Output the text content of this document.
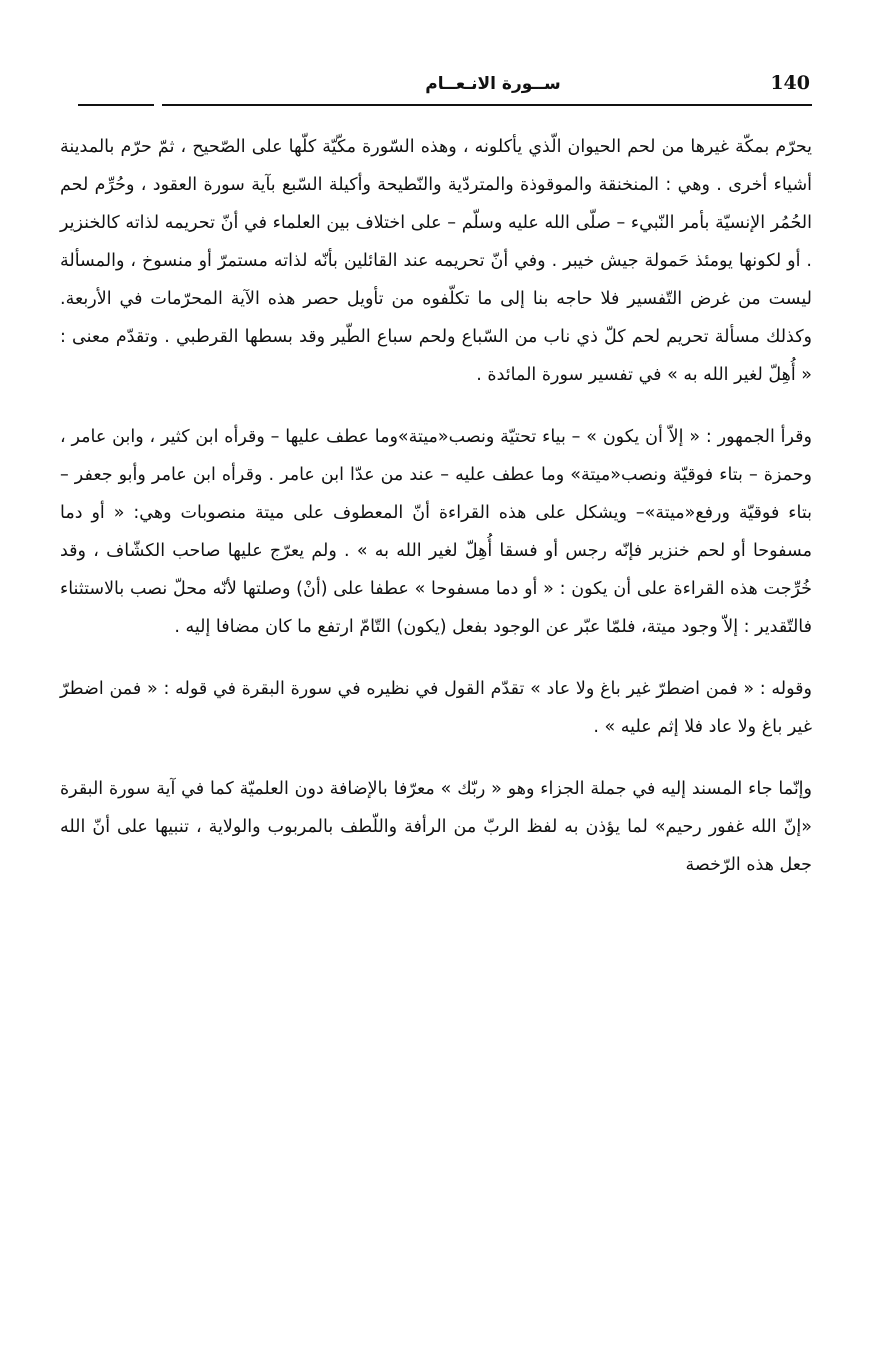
140
ســورة الانـعــام

يحرّم بمكّة غيرها من لحم الحيوان الّذي يأكلونه ، وهذه السّورة مكّيّة كلّها على الصّحيح ، ثمّ حرّم بالمدينة أشياء أخرى . وهي : المنخنقة والموقوذة والمتردّية والنّطيحة وأكيلة السّبع بآية سورة العقود ، وحُرِّم لحم الحُمُر الإنسيّة بأمر النّبيء – صلّى الله عليه وسلّم – على اختلاف بين العلماء في أنّ تحريمه لذاته كالخنزير . أو لكونها يومئذ حَمولة جيش خيبر . وفي أنّ تحريمه عند القائلين بأنّه لذاته مستمرّ أو منسوخ ، والمسألة ليست من غرض التّفسير فلا حاجه بنا إلى ما تكلّفوه من تأويل حصر هذه الآية المحرّمات في الأربعة. وكذلك مسألة تحريم لحم كلّ ذي ناب من السّباع ولحم سباع الطّير وقد بسطها القرطبي . وتقدّم معنى : « أُهِلّ لغير الله به » في تفسير سورة المائدة .

وقرأ الجمهور : « إلاّ أن يكون » – بياء تحتيّة ونصب«ميتة»وما عطف عليها – وقرأه ابن كثير ، وابن عامر ، وحمزة – بتاء فوقيّة ونصب«ميتة» وما عطف عليه – عند من عدّا ابن عامر . وقرأه ابن عامر وأبو جعفر – بتاء فوقيّة ورفع«ميتة»– ويشكل على هذه القراءة أنّ المعطوف على ميتة منصوبات وهي: « أو دما مسفوحا أو لحم خنزير فإنّه رجس أو فسقا أُهِلّ لغير الله به » . ولم يعرّج عليها صاحب الكشّاف ، وقد خُرِّجت هذه القراءة على أن يكون : « أو دما مسفوحا » عطفا على (أنْ) وصلتها لأنّه محلّ نصب بالاستثناء فالتّقدير : إلاّ وجود ميتة، فلمّا عبّر عن الوجود بفعل (يكون) التّامّ ارتفع ما كان مضافا إليه .

وقوله : « فمن اضطرّ غير باغ ولا عاد » تقدّم القول في نظيره في سورة البقرة في قوله : « فمن اضطرّ غير باغ ولا عاد فلا إثم عليه » .

وإنّما جاء المسند إليه في جملة الجزاء وهو « ربّك » معرّفا بالإضافة دون العلميّة كما في آية سورة البقرة «إنّ الله غفور رحيم» لما يؤذن به لفظ الربّ من الرأفة واللّطف بالمربوب والولاية ، تنبيها على أنّ الله جعل هذه الرّخصة
